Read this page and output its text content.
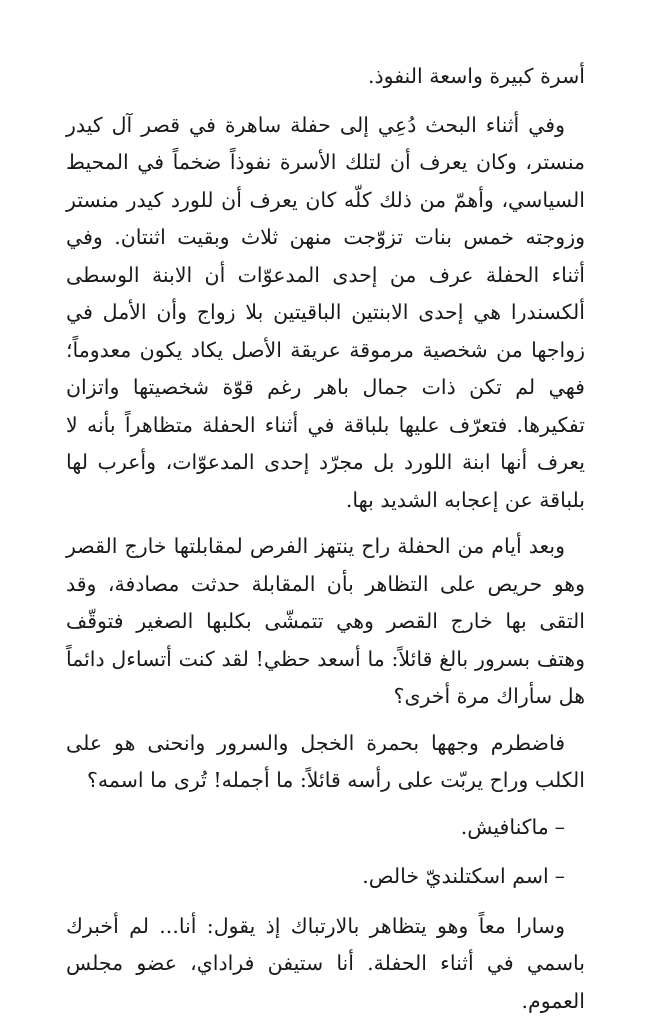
أسرة كبيرة واسعة النفوذ.

وفي أثناء البحث دُعِي إلى حفلة ساهرة في قصر آل كيدر منستر، وكان يعرف أن لتلك الأسرة نفوذاً ضخماً في المحيط السياسي، وأهمّ من ذلك كلّه كان يعرف أن للورد كيدر منستر وزوجته خمس بنات تزوّجت منهن ثلاث وبقيت اثنتان. وفي أثناء الحفلة عرف من إحدى المدعوّات أن الابنة الوسطى ألكسندرا هي إحدى الابنتين الباقيتين بلا زواج وأن الأمل في زواجها من شخصية مرموقة عريقة الأصل يكاد يكون معدوماً؛ فهي لم تكن ذات جمال باهر رغم قوّة شخصيتها واتزان تفكيرها. فتعرّف عليها بلباقة في أثناء الحفلة متظاهراً بأنه لا يعرف أنها ابنة اللورد بل مجرّد إحدى المدعوّات، وأعرب لها بلباقة عن إعجابه الشديد بها.

وبعد أيام من الحفلة راح ينتهز الفرص لمقابلتها خارج القصر وهو حريص على التظاهر بأن المقابلة حدثت مصادفة، وقد التقى بها خارج القصر وهي تتمشّى بكلبها الصغير فتوقّف وهتف بسرور بالغ قائلاً: ما أسعد حظي! لقد كنت أتساءل دائماً هل سأراك مرة أخرى؟

فاضطرم وجهها بحمرة الخجل والسرور وانحنى هو على الكلب وراح يربّت على رأسه قائلاً: ما أجمله! تُرى ما اسمه؟

–ماكنافيش.

–اسم اسكتلنديّ خالص.

وسارا معاً وهو يتظاهر بالارتباك إذ يقول: أنا... لم أخبرك باسمي في أثناء الحفلة. أنا ستيفن فراداي، عضو مجلس العموم.
